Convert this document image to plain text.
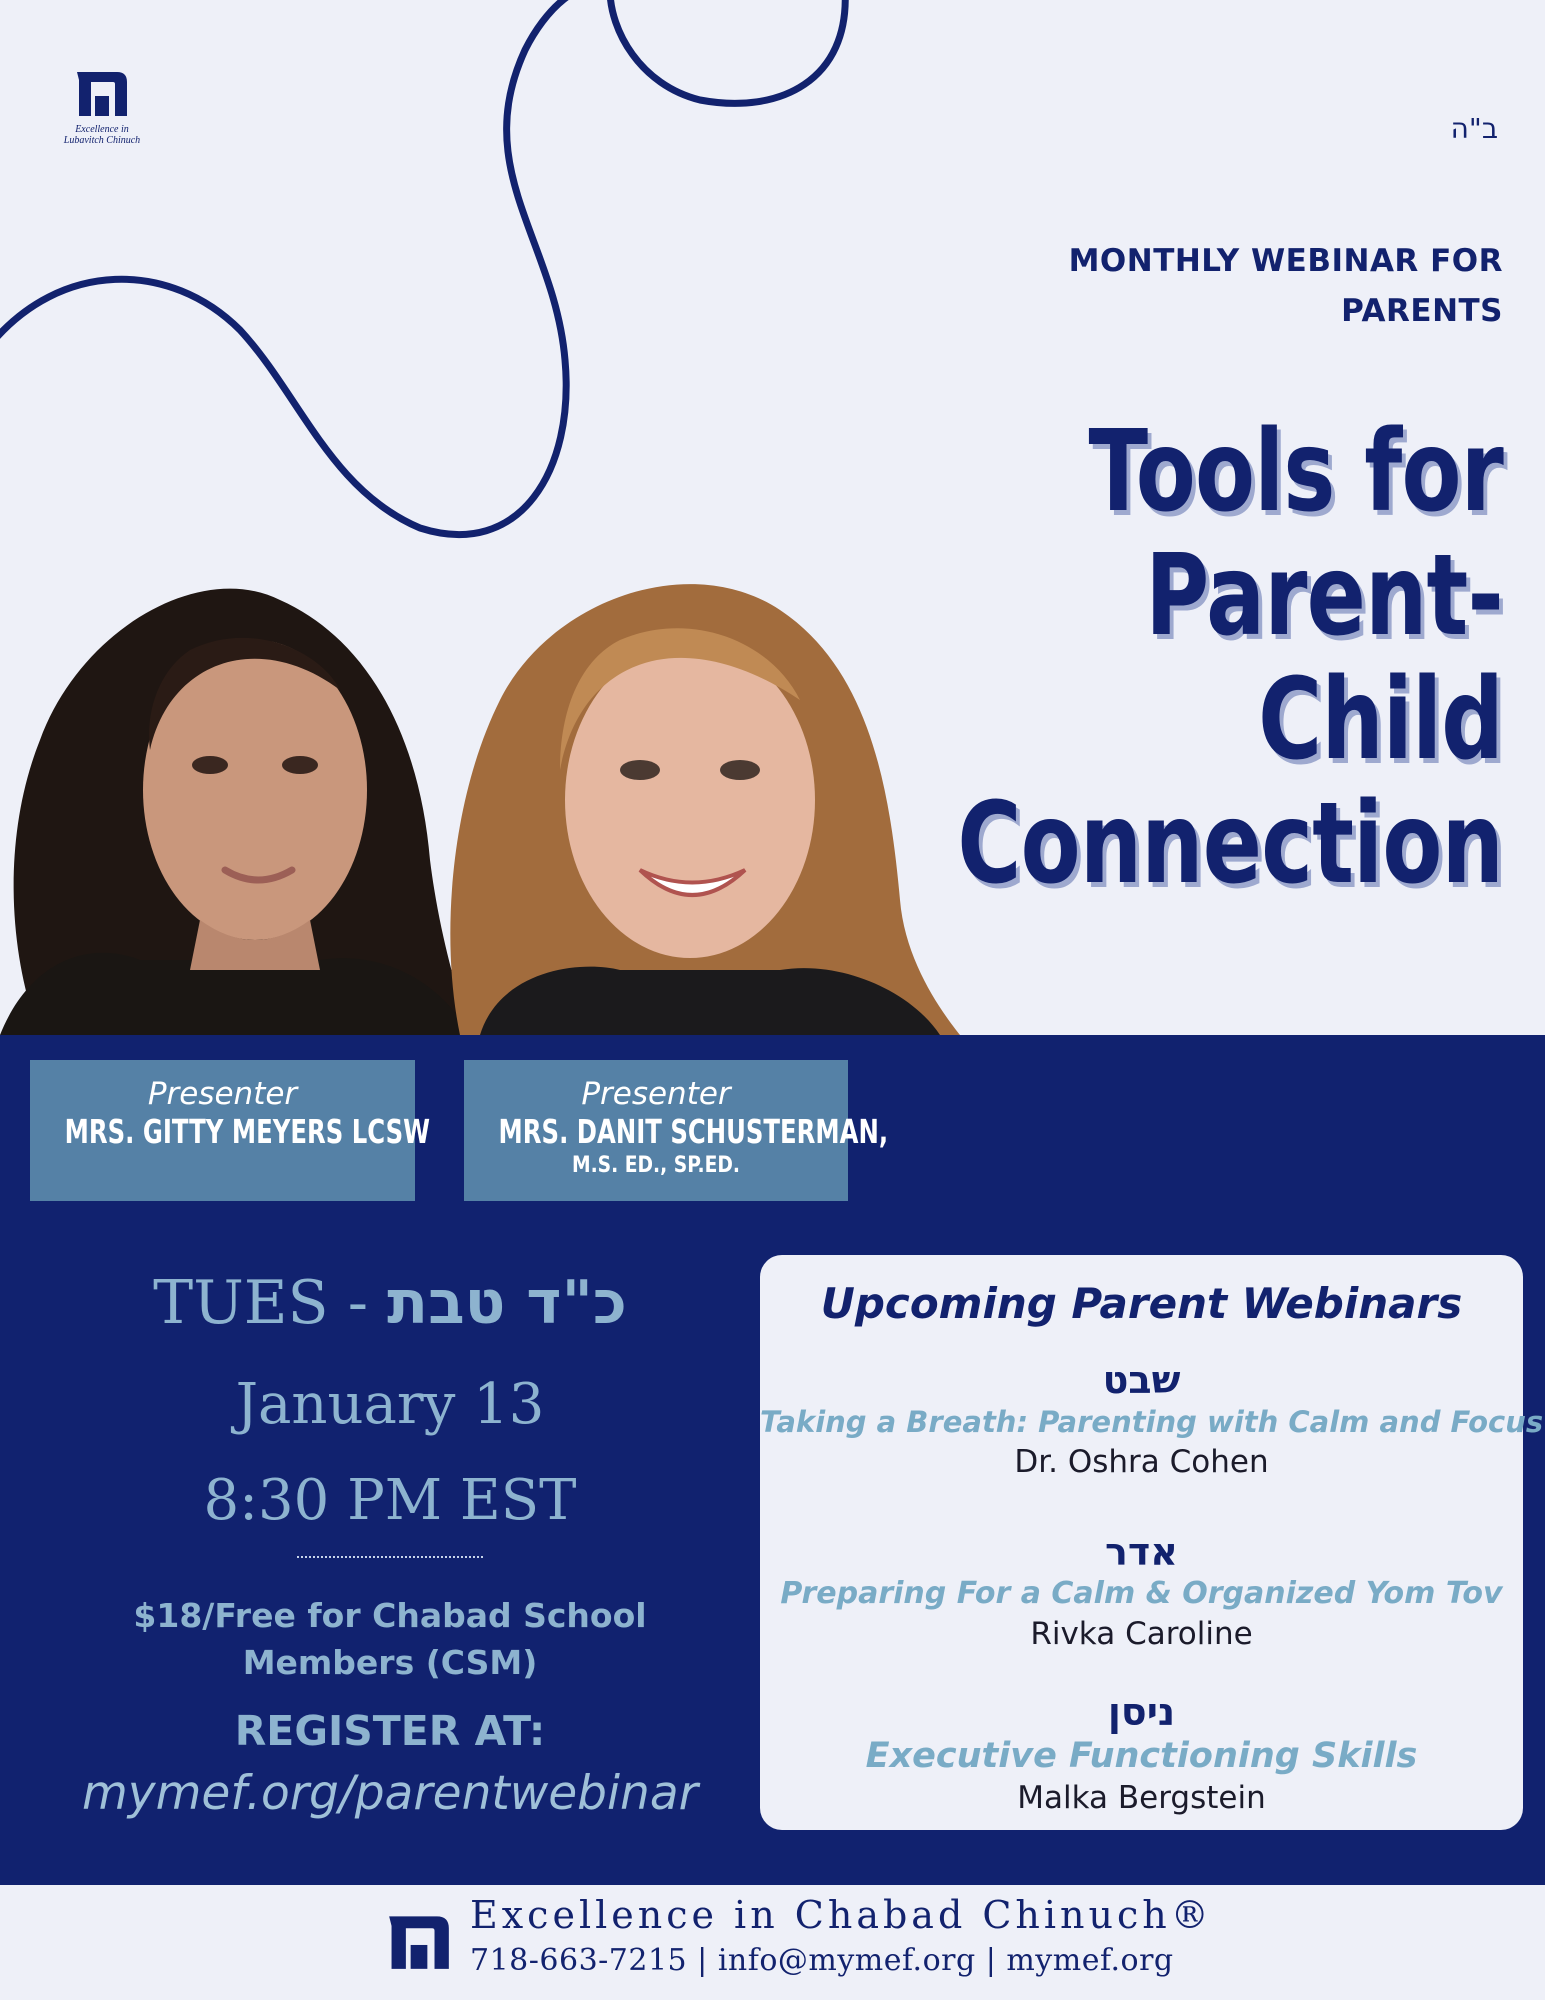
Excellence in
Lubavitch Chinuch	ב"ה
MONTHLY WEBINAR FOR
PARENTS
Tools for
Parent-
Child
Connection
Presenter
MRS. GITTY MEYERS LCSW
Presenter
MRS. DANIT SCHUSTERMAN,
M.S. ED., SP.ED.
TUES - כ"ד טבת
January 13
8:30 PM EST
$18/Free for Chabad School
Members (CSM)
REGISTER AT:
mymef.org/parentwebinar
Upcoming Parent Webinars
שבט
Taking a Breath: Parenting with Calm and Focus
Dr. Oshra Cohen
אדר
Preparing For a Calm & Organized Yom Tov
Rivka Caroline
ניסן
Executive Functioning Skills
Malka Bergstein
Excellence in Chabad Chinuch®
718-663-7215 | info@mymef.org | mymef.org
